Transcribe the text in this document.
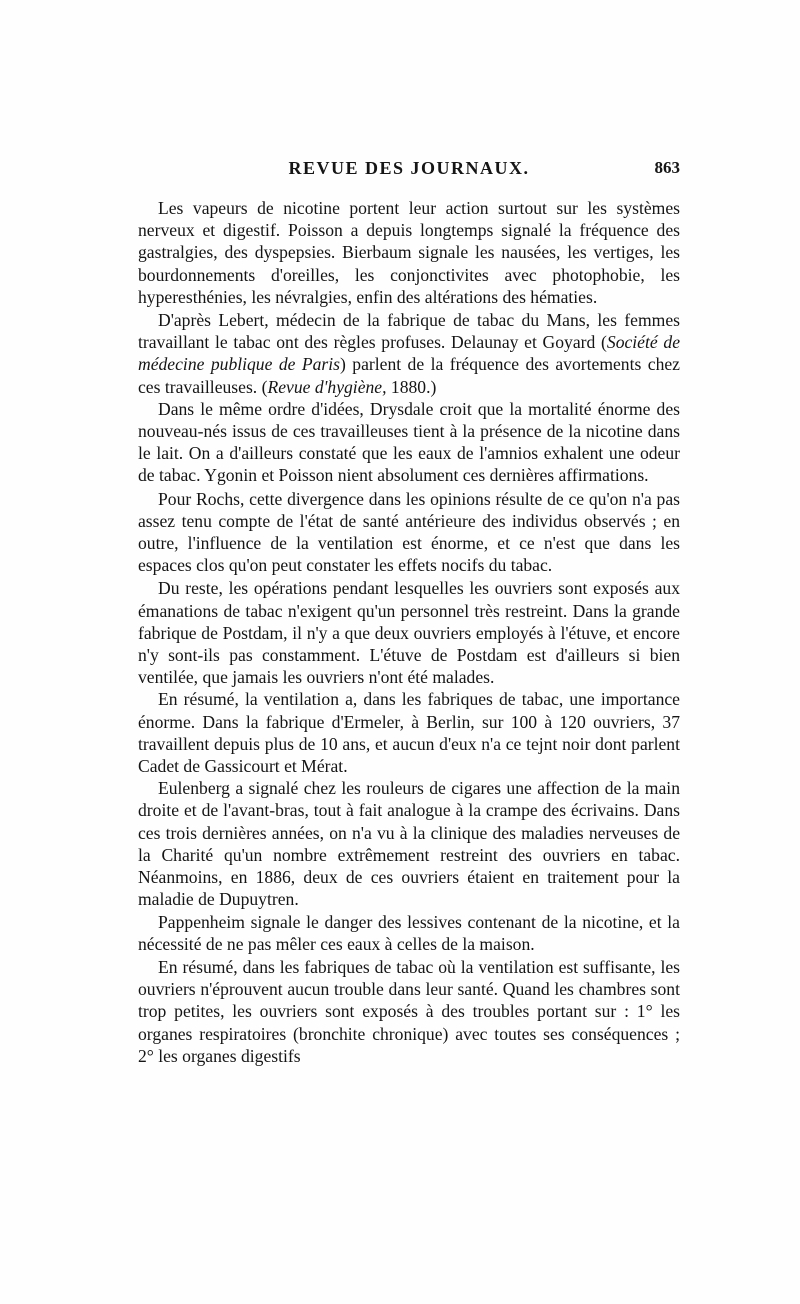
REVUE DES JOURNAUX.	863

Les vapeurs de nicotine portent leur action surtout sur les systèmes nerveux et digestif. Poisson a depuis longtemps signalé la fréquence des gastralgies, des dyspepsies. Bierbaum signale les nausées, les vertiges, les bourdonnements d'oreilles, les conjonctivites avec photophobie, les hyperesthénies, les névralgies, enfin des altérations des hématies.

D'après Lebert, médecin de la fabrique de tabac du Mans, les femmes travaillant le tabac ont des règles profuses. Delaunay et Goyard (Société de médecine publique de Paris) parlent de la fréquence des avortements chez ces travailleuses. (Revue d'hygiène, 1880.)

Dans le même ordre d'idées, Drysdale croit que la mortalité énorme des nouveau-nés issus de ces travailleuses tient à la présence de la nicotine dans le lait. On a d'ailleurs constaté que les eaux de l'amnios exhalent une odeur de tabac. Ygonin et Poisson nient absolument ces dernières affirmations.

Pour Rochs, cette divergence dans les opinions résulte de ce qu'on n'a pas assez tenu compte de l'état de santé antérieure des individus observés ; en outre, l'influence de la ventilation est énorme, et ce n'est que dans les espaces clos qu'on peut constater les effets nocifs du tabac.

Du reste, les opérations pendant lesquelles les ouvriers sont exposés aux émanations de tabac n'exigent qu'un personnel très restreint. Dans la grande fabrique de Postdam, il n'y a que deux ouvriers employés à l'étuve, et encore n'y sont-ils pas constamment. L'étuve de Postdam est d'ailleurs si bien ventilée, que jamais les ouvriers n'ont été malades.

En résumé, la ventilation a, dans les fabriques de tabac, une importance énorme. Dans la fabrique d'Ermeler, à Berlin, sur 100 à 120 ouvriers, 37 travaillent depuis plus de 10 ans, et aucun d'eux n'a ce tejnt noir dont parlent Cadet de Gassicourt et Mérat.

Eulenberg a signalé chez les rouleurs de cigares une affection de la main droite et de l'avant-bras, tout à fait analogue à la crampe des écrivains. Dans ces trois dernières années, on n'a vu à la clinique des maladies nerveuses de la Charité qu'un nombre extrêmement restreint des ouvriers en tabac. Néanmoins, en 1886, deux de ces ouvriers étaient en traitement pour la maladie de Dupuytren.

Pappenheim signale le danger des lessives contenant de la nicotine, et la nécessité de ne pas mêler ces eaux à celles de la maison.

En résumé, dans les fabriques de tabac où la ventilation est suffisante, les ouvriers n'éprouvent aucun trouble dans leur santé. Quand les chambres sont trop petites, les ouvriers sont exposés à des troubles portant sur : 1° les organes respiratoires (bronchite chronique) avec toutes ses conséquences ; 2° les organes digestifs
